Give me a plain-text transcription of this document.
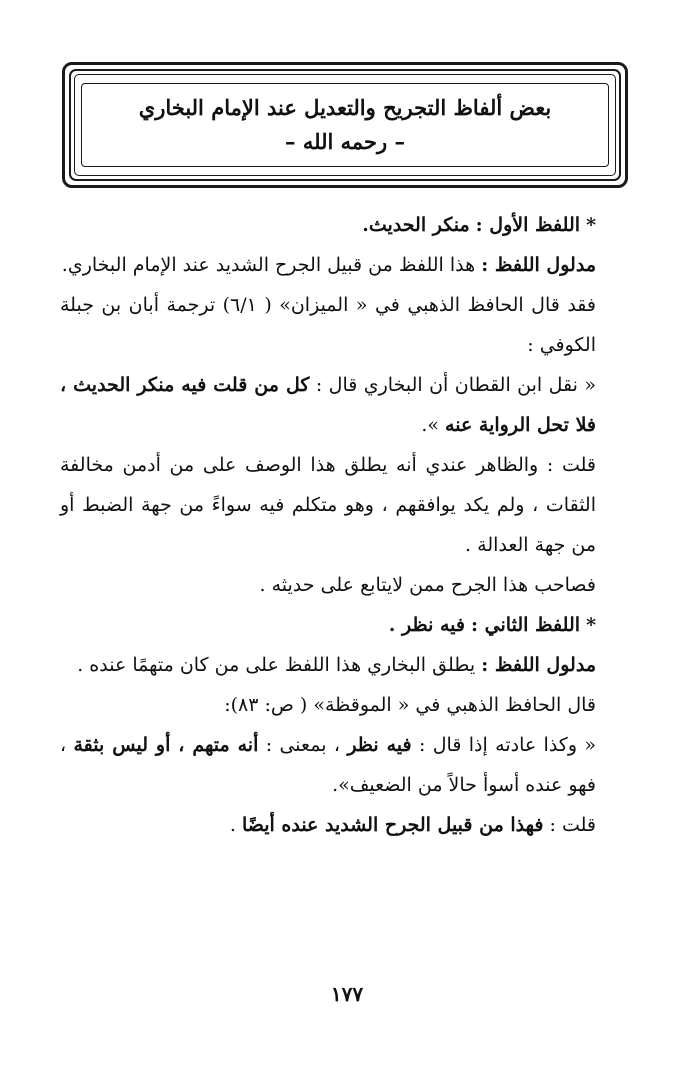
بعض ألفاظ التجريح والتعديل عند الإمام البخاري
– رحمه الله –

* اللفظ الأول : منكر الحديث.

مدلول اللفظ : هذا اللفظ من قبيل الجرح الشديد عند الإمام البخاري.

فقد قال الحافظ الذهبي في « الميزان» ( ٦/١) ترجمة أبان بن جبلة الكوفي :

« نقل ابن القطان أن البخاري قال : كل من قلت فيه منكر الحديث ، فلا تحل الرواية عنه ».

قلت : والظاهر عندي أنه يطلق هذا الوصف على من أدمن مخالفة الثقات ، ولم يكد يوافقهم ، وهو متكلم فيه سواءً من جهة الضبط أو من جهة العدالة .

فصاحب هذا الجرح ممن لايتابع على حديثه .

* اللفظ الثاني : فيه نظر .

مدلول اللفظ : يطلق البخاري هذا اللفظ على من كان متهمًا عنده .

قال الحافظ الذهبي في « الموقظة» ( ص: ٨٣):

« وكذا عادته إذا قال : فيه نظر ، بمعنى : أنه متهم ، أو ليس بثقة ، فهو عنده أسوأ حالاً من الضعيف».

قلت : فهذا من قبيل الجرح الشديد عنده أيضًا .

١٧٧
